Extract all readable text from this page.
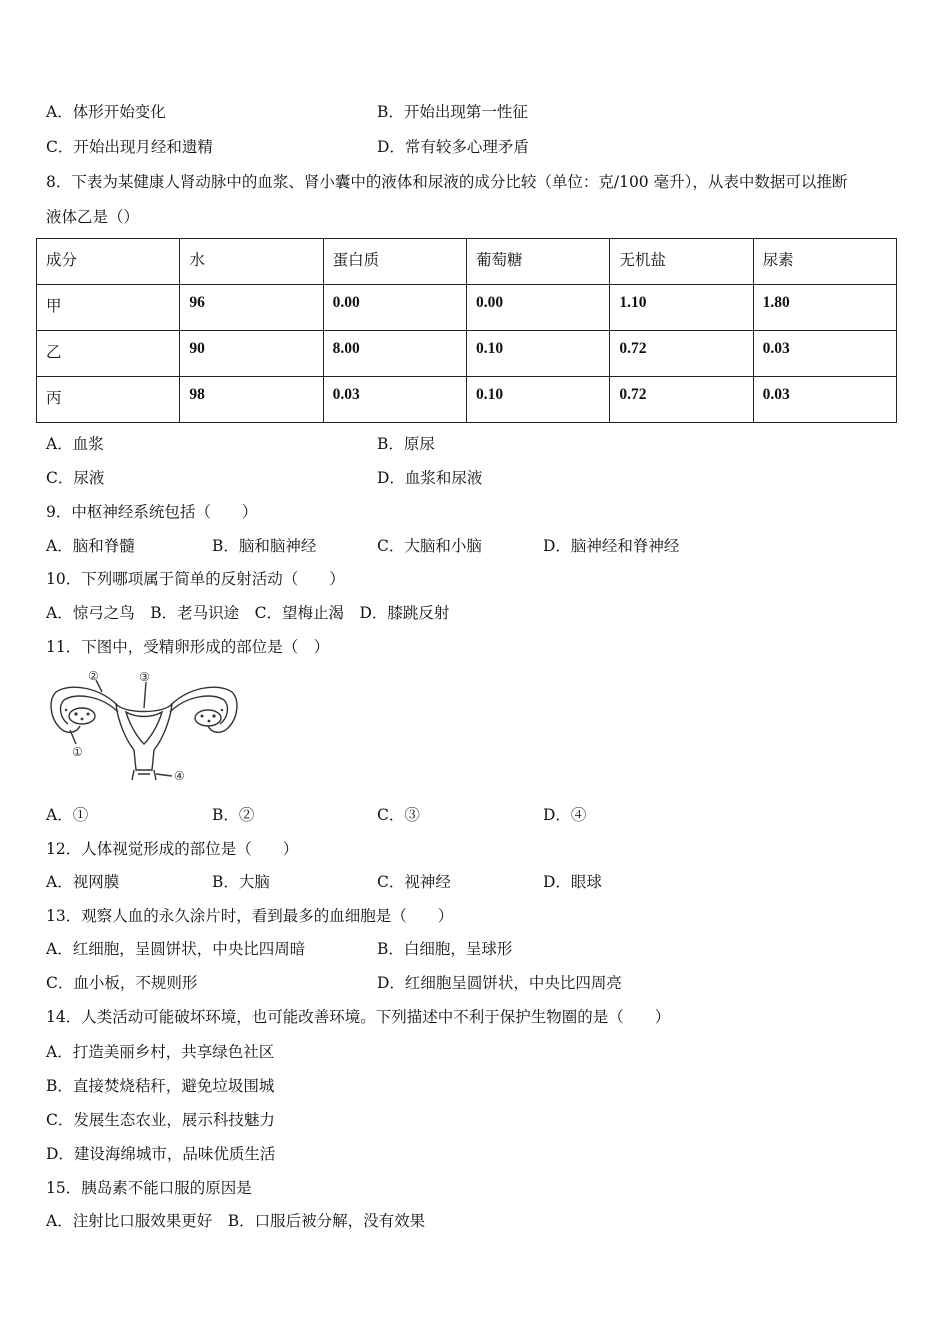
A．体形开始变化	B．开始出现第一性征
C．开始出现月经和遗精	D．常有较多心理矛盾
8．下表为某健康人肾动脉中的血浆、肾小囊中的液体和尿液的成分比较（单位：克/100 毫升），从表中数据可以推断
液体乙是（）
成分	水	蛋白质	葡萄糖	无机盐	尿素
甲	96	0.00	0.00	1.10	1.80
乙	90	8.00	0.10	0.72	0.03
丙	98	0.03	0.10	0.72	0.03
A．血浆	B．原尿
C．尿液	D．血浆和尿液
9．中枢神经系统包括（　　）
A．脑和脊髓	B．脑和脑神经	C．大脑和小脑	D．脑神经和脊神经
10．下列哪项属于简单的反射活动（　　）
A．惊弓之鸟　B．老马识途　C．望梅止渴　D．膝跳反射
11．下图中，受精卵形成的部位是（　）
②	③
①
④
A．①	B．②	C．③	D．④
12．人体视觉形成的部位是（　　）
A．视网膜	B．大脑	C．视神经	D．眼球
13．观察人血的永久涂片时，看到最多的血细胞是（　　）
A．红细胞，呈圆饼状，中央比四周暗	B．白细胞，呈球形
C．血小板，不规则形	D．红细胞呈圆饼状，中央比四周亮
14．人类活动可能破坏环境，也可能改善环境。下列描述中不利于保护生物圈的是（　　）
A．打造美丽乡村，共享绿色社区
B．直接焚烧秸秆，避免垃圾围城
C．发展生态农业，展示科技魅力
D．建设海绵城市，品味优质生活
15．胰岛素不能口服的原因是
A．注射比口服效果更好　B．口服后被分解，没有效果
